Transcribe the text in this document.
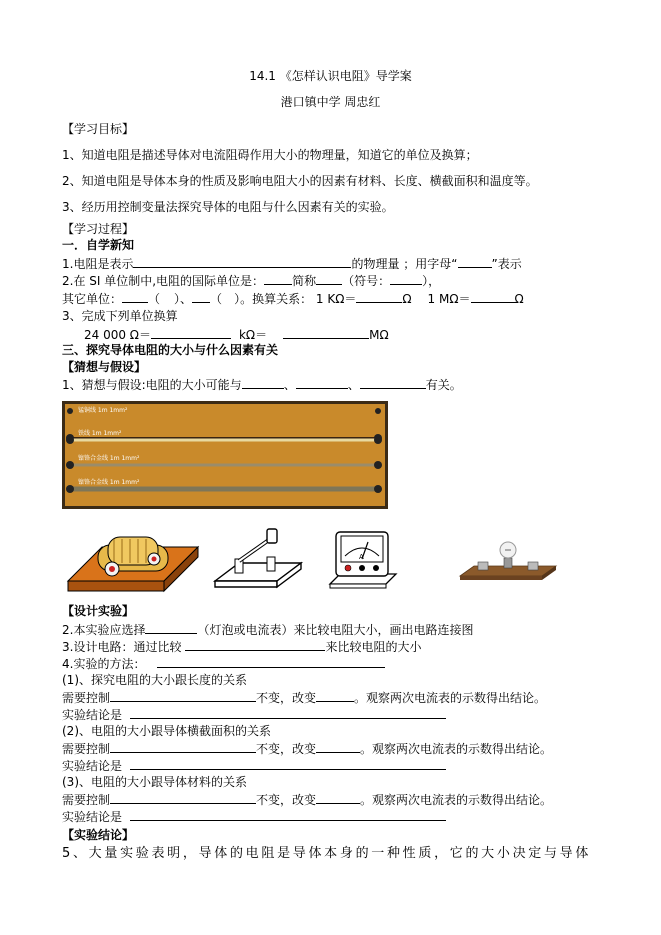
14.1 《怎样认识电阻》导学案
港口镇中学 周忠红
【学习目标】
1、知道电阻是描述导体对电流阻碍作用大小的物理量，知道它的单位及换算；
2、知道电阻是导体本身的性质及影响电阻大小的因素有材料、长度、横截面积和温度等。
3、经历用控制变量法探究导体的电阻与什么因素有关的实验。
【学习过程】
一．自学新知
1.电阻是表示	的物理量 ；用字母“	”表示
2.在 SI 单位制中,电阻的国际单位是： 简称 （符号：	），
其它单位： （ ）、 （ ）。换算关系： 1 KΩ＝	Ω 1 MΩ＝	Ω
3、完成下列单位换算
24 000 Ω＝	kΩ＝	MΩ
三、探究导体电阻的大小与什么因素有关
【猜想与假设】
1、猜想与假设:电阻的大小可能与	、	、	有关。
锰铜线 1m 1mm²
铁线 1m 1mm²
镍铬合金线 1m 1mm²
镍铬合金线 1m 1mm²
A
【设计实验】
2.本实验应选择	（灯泡或电流表）来比较电阻大小，画出电路连接图
3.设计电路：通过比较	来比较电阻的大小
4.实验的方法：
(1)、探究电阻的大小跟长度的关系
需要控制	不变，改变	。观察两次电流表的示数得出结论。
实验结论是
(2)、电阻的大小跟导体横截面积的关系
需要控制	不变，改变	。观察两次电流表的示数得出结论。
实验结论是
(3)、电阻的大小跟导体材料的关系
需要控制	不变，改变	。观察两次电流表的示数得出结论。
实验结论是
【实验结论】
5、大量实验表明，导体的电阻是导体本身的一种性质，它的大小决定与导体
